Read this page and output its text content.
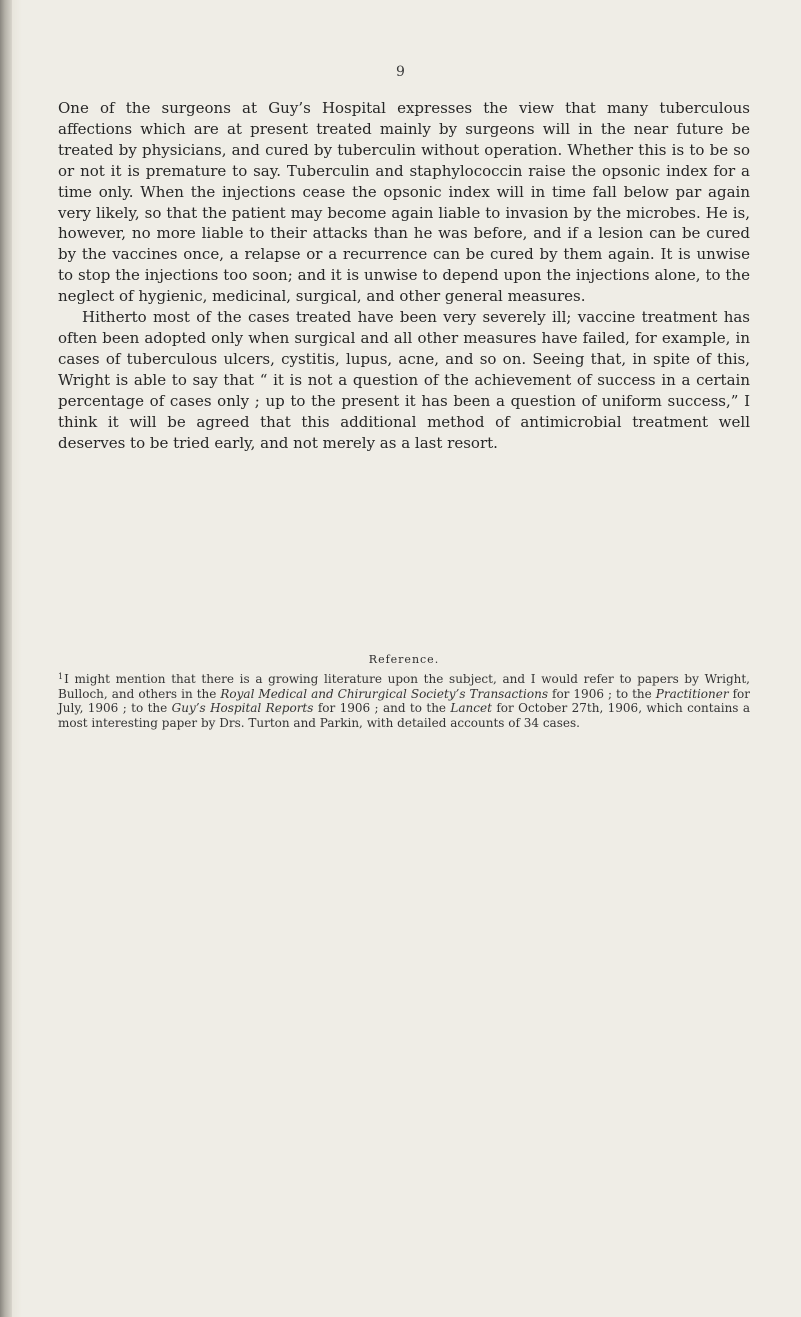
9

One of the surgeons at Guy’s Hospital expresses the view that many tuberculous affections which are at present treated mainly by surgeons will in the near future be treated by physicians, and cured by tuberculin without operation. Whether this is to be so or not it is premature to say. Tuberculin and staphylococcin raise the opsonic index for a time only. When the injections cease the opsonic index will in time fall below par again very likely, so that the patient may become again liable to invasion by the microbes. He is, however, no more liable to their attacks than he was before, and if a lesion can be cured by the vaccines once, a relapse or a recurrence can be cured by them again. It is unwise to stop the injections too soon; and it is unwise to depend upon the injections alone, to the neglect of hygienic, medicinal, surgical, and other general measures.

Hitherto most of the cases treated have been very severely ill; vaccine treatment has often been adopted only when surgical and all other measures have failed, for example, in cases of tuberculous ulcers, cystitis, lupus, acne, and so on. Seeing that, in spite of this, Wright is able to say that “ it is not a question of the achievement of success in a certain percentage of cases only ; up to the present it has been a question of uniform success,” I think it will be agreed that this additional method of antimicrobial treatment well deserves to be tried early, and not merely as a last resort.

Reference.
$^1$I might mention that there is a growing literature upon the subject, and I would refer to papers by Wright, Bulloch, and others in the Royal Medical and Chirurgical Society’s Transactions for 1906 ; to the Practitioner for July, 1906 ; to the Guy’s Hospital Reports for 1906 ; and to the Lancet for October 27th, 1906, which contains a most interesting paper by Drs. Turton and Parkin, with detailed accounts of 34 cases.
